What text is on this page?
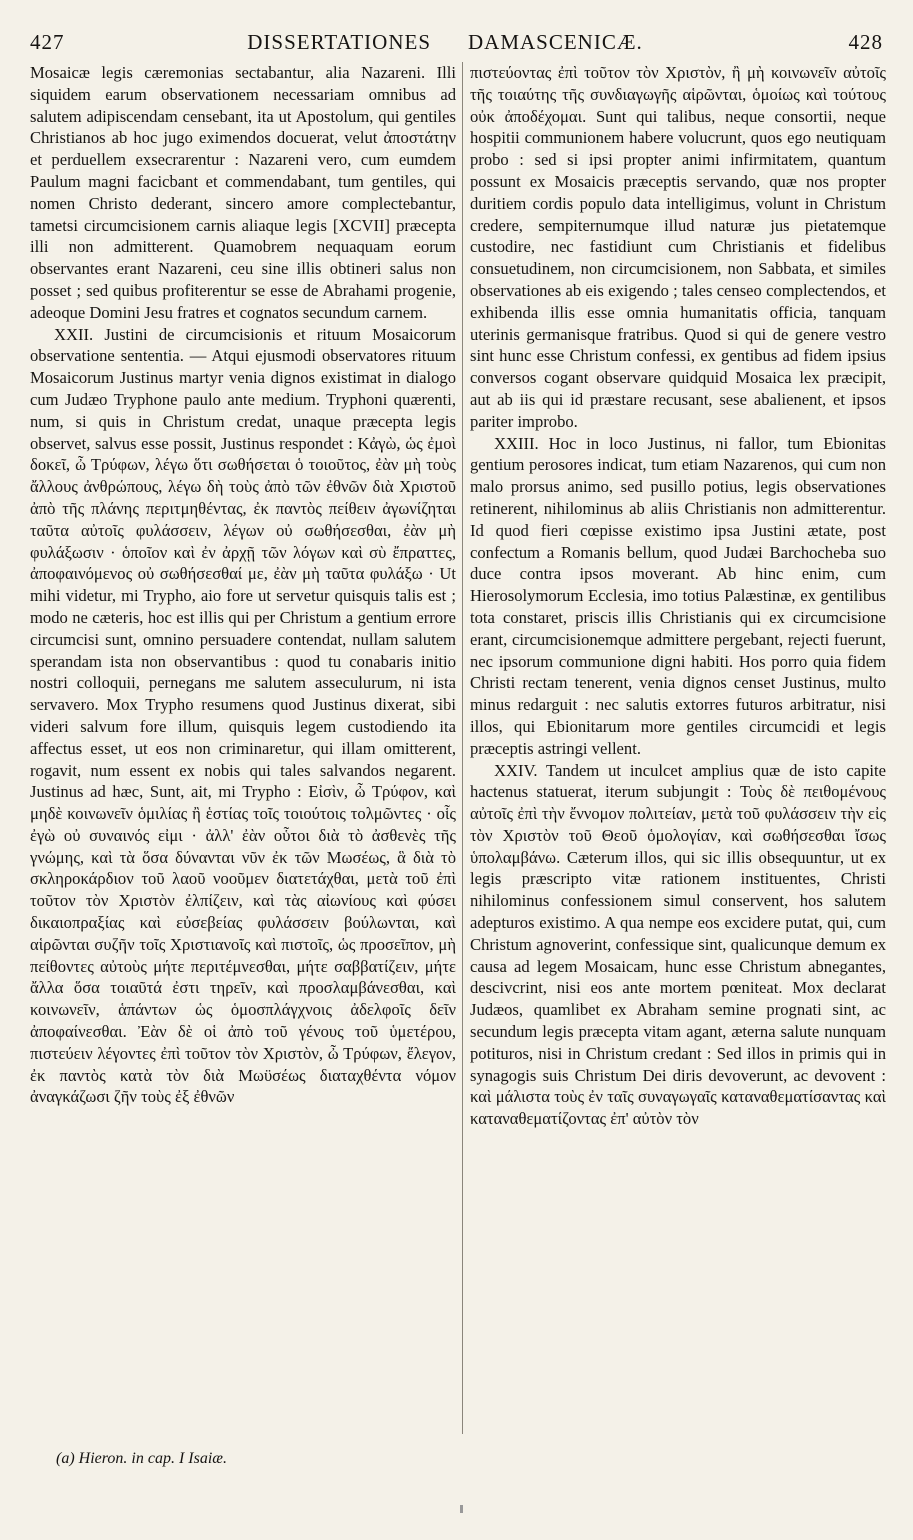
427	DISSERTATIONES DAMASCENICÆ.	428

Mosaicæ legis cæremonias sectabantur, alia Nazareni. Illi siquidem earum observationem necessariam omnibus ad salutem adipiscendam censebant, ita ut Apostolum, qui gentiles Christianos ab hoc jugo eximendos docuerat, velut ἀποστάτην et perduellem exsecrarentur : Nazareni vero, cum eumdem Paulum magni facicbant et commendabant, tum gentiles, qui nomen Christo dederant, sincero amore complectebantur, tametsi circumcisionem carnis aliaque legis [XCVII] præcepta illi non admitterent. Quamobrem nequaquam eorum observantes erant Nazareni, ceu sine illis obtineri salus non posset ; sed quibus profiterentur se esse de Abrahami progenie, adeoque Domini Jesu fratres et cognatos secundum carnem.

XXII. Justini de circumcisionis et rituum Mosaicorum observatione sententia. — Atqui ejusmodi observatores rituum Mosaicorum Justinus martyr venia dignos existimat in dialogo cum Judæo Tryphone paulo ante medium. Tryphoni quærenti, num, si quis in Christum credat, unaque præcepta legis observet, salvus esse possit, Justinus respondet : Κἀγὼ, ὡς ἐμοὶ δοκεῖ, ὦ Τρύφων, λέγω ὅτι σωθήσεται ὁ τοιοῦτος, ἐὰν μὴ τοὺς ἄλλους ἀνθρώπους, λέγω δὴ τοὺς ἀπὸ τῶν ἐθνῶν διὰ Χριστοῦ ἀπὸ τῆς πλάνης περιτμηθέντας, ἐκ παντὸς πείθειν ἀγωνίζηται ταῦτα αὐτοῖς φυλάσσειν, λέγων οὐ σωθήσεσθαι, ἐὰν μὴ φυλάξωσιν · ὁποῖον καὶ ἐν ἀρχῇ τῶν λόγων καὶ σὺ ἔπραττες, ἀποφαινόμενος οὐ σωθήσεσθαί με, ἐὰν μὴ ταῦτα φυλάξω · Ut mihi videtur, mi Trypho, aio fore ut servetur quisquis talis est ; modo ne cæteris, hoc est illis qui per Christum a gentium errore circumcisi sunt, omnino persuadere contendat, nullam salutem sperandam ista non observantibus : quod tu conabaris initio nostri colloquii, pernegans me salutem asseculurum, ni ista servavero. Mox Trypho resumens quod Justinus dixerat, sibi videri salvum fore illum, quisquis legem custodiendo ita affectus esset, ut eos non criminaretur, qui illam omitterent, rogavit, num essent ex nobis qui tales salvandos negarent. Justinus ad hæc, Sunt, ait, mi Trypho : Εἰσὶν, ὦ Τρύφον, καὶ μηδὲ κοινωνεῖν ὁμιλίας ἢ ἑστίας τοῖς τοιούτοις τολμῶντες · οἷς ἐγὼ οὐ συναινός εἰμι · ἀλλ' ἐὰν οὗτοι διὰ τὸ ἀσθενὲς τῆς γνώμης, καὶ τὰ ὅσα δύνανται νῦν ἐκ τῶν Μωσέως, ἃ διὰ τὸ σκληροκάρδιον τοῦ λαοῦ νοοῦμεν διατετάχθαι, μετὰ τοῦ ἐπὶ τοῦτον τὸν Χριστὸν ἐλπίζειν, καὶ τὰς αἰωνίους καὶ φύσει δικαιοπραξίας καὶ εὐσεβείας φυλάσσειν βούλωνται, καὶ αἱρῶνται συζῆν τοῖς Χριστιανοῖς καὶ πιστοῖς, ὡς προσεῖπον, μὴ πείθοντες αὐτοὺς μήτε περιτέμνεσθαι, μήτε σαββατίζειν, μήτε ἄλλα ὅσα τοιαῦτά ἐστι τηρεῖν, καὶ προσλαμβάνεσθαι, καὶ κοινωνεῖν, ἁπάντων ὡς ὁμοσπλάγχνοις ἀδελφοῖς δεῖν ἀποφαίνεσθαι. Ἐὰν δὲ οἱ ἀπὸ τοῦ γένους τοῦ ὑμετέρου, πιστεύειν λέγοντες ἐπὶ τοῦτον τὸν Χριστὸν, ὦ Τρύφων, ἔλεγον, ἐκ παντὸς κατὰ τὸν διὰ Μωϋσέως διαταχθέντα νόμον ἀναγκάζωσι ζῆν τοὺς ἐξ ἐθνῶν

πιστεύοντας ἐπὶ τοῦτον τὸν Χριστὸν, ἢ μὴ κοινωνεῖν αὐτοῖς τῆς τοιαύτης τῆς συνδιαγωγῆς αἱρῶνται, ὁμοίως καὶ τούτους οὐκ ἀποδέχομαι. Sunt qui talibus, neque consortii, neque hospitii communionem habere volucrunt, quos ego neutiquam probo : sed si ipsi propter animi infirmitatem, quantum possunt ex Mosaicis præceptis servando, quæ nos propter duritiem cordis populo data intelligimus, volunt in Christum credere, sempiternumque illud naturæ jus pietatemque custodire, nec fastidiunt cum Christianis et fidelibus consuetudinem, non circumcisionem, non Sabbata, et similes observationes ab eis exigendo ; tales censeo complectendos, et exhibenda illis esse omnia humanitatis officia, tanquam uterinis germanisque fratribus. Quod si qui de genere vestro sint hunc esse Christum confessi, ex gentibus ad fidem ipsius conversos cogant observare quidquid Mosaica lex præcipit, aut ab iis qui id præstare recusant, sese abalienent, et ipsos pariter improbo.

XXIII. Hoc in loco Justinus, ni fallor, tum Ebionitas gentium perosores indicat, tum etiam Nazarenos, qui cum non malo prorsus animo, sed pusillo potius, legis observationes retinerent, nihilominus ab aliis Christianis non admitterentur. Id quod fieri cœpisse existimo ipsa Justini ætate, post confectum a Romanis bellum, quod Judæi Barchocheba suo duce contra ipsos moverant. Ab hinc enim, cum Hierosolymorum Ecclesia, imo totius Palæstinæ, ex gentilibus tota constaret, priscis illis Christianis qui ex circumcisione erant, circumcisionemque admittere pergebant, rejecti fuerunt, nec ipsorum communione digni habiti. Hos porro quia fidem Christi rectam tenerent, venia dignos censet Justinus, multo minus redarguit : nec salutis extorres futuros arbitratur, nisi illos, qui Ebionitarum more gentiles circumcidi et legis præceptis astringi vellent.

XXIV. Tandem ut inculcet amplius quæ de isto capite hactenus statuerat, iterum subjungit : Τοὺς δὲ πειθομένους αὐτοῖς ἐπὶ τὴν ἔννομον πολιτείαν, μετὰ τοῦ φυλάσσειν τὴν εἰς τὸν Χριστὸν τοῦ Θεοῦ ὁμολογίαν, καὶ σωθήσεσθαι ἴσως ὑπολαμβάνω. Cæterum illos, qui sic illis obsequuntur, ut ex legis præscripto vitæ rationem instituentes, Christi nihilominus confessionem simul conservent, hos salutem adepturos existimo. A qua nempe eos excidere putat, qui, cum Christum agnoverint, confessique sint, qualicunque demum ex causa ad legem Mosaicam, hunc esse Christum abnegantes, descivcrint, nisi eos ante mortem pœniteat. Mox declarat Judæos, quamlibet ex Abraham semine prognati sint, ac secundum legis præcepta vitam agant, æterna salute nunquam potituros, nisi in Christum credant : Sed illos in primis qui in synagogis suis Christum Dei diris devoverunt, ac devovent : καὶ μάλιστα τοὺς ἐν ταῖς συναγωγαῖς καταναθεματίσαντας καὶ καταναθεματίζοντας ἐπ' αὐτὸν τὸν

(a) Hieron. in cap. I Isaiæ.
